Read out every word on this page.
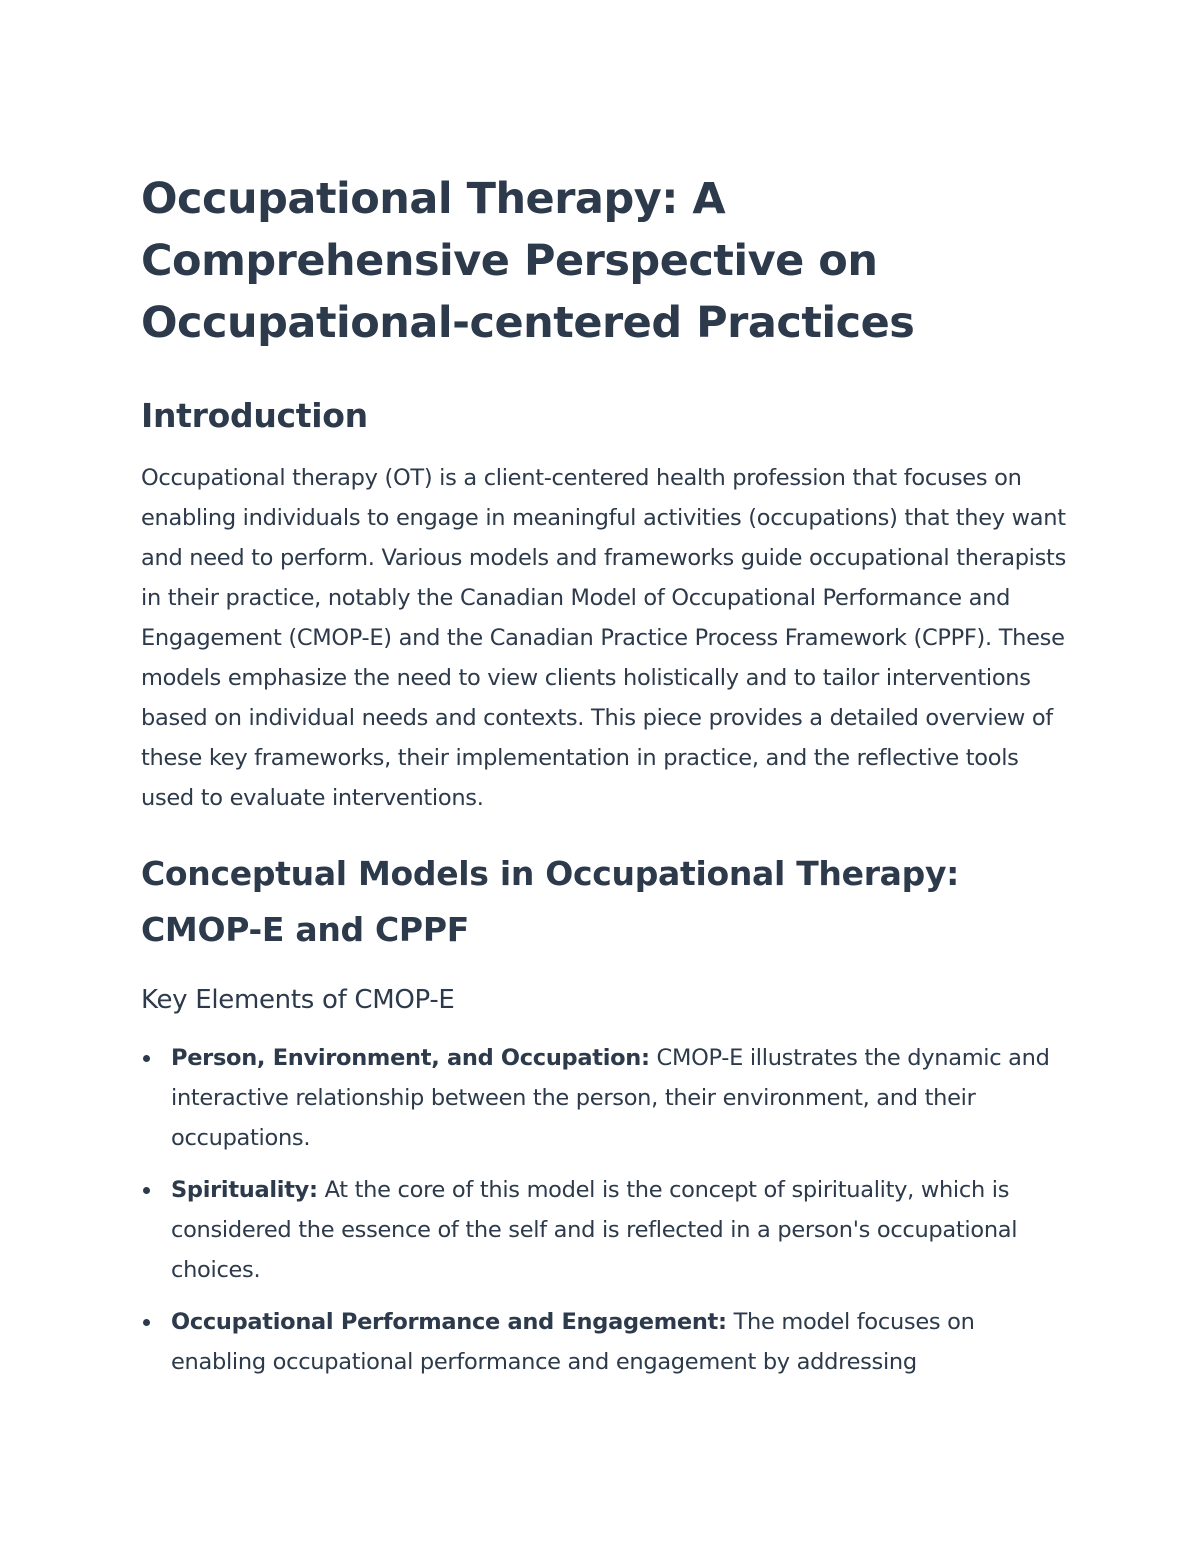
Occupational Therapy: A Comprehensive Perspective on Occupational-centered Practices
Introduction

Occupational therapy (OT) is a client-centered health profession that focuses on enabling individuals to engage in meaningful activities (occupations) that they want and need to perform. Various models and frameworks guide occupational therapists in their practice, notably the Canadian Model of Occupational Performance and Engagement (CMOP-E) and the Canadian Practice Process Framework (CPPF). These models emphasize the need to view clients holistically and to tailor interventions based on individual needs and contexts. This piece provides a detailed overview of these key frameworks, their implementation in practice, and the reflective tools used to evaluate interventions.

Conceptual Models in Occupational Therapy: CMOP-E and CPPF
Key Elements of CMOP-E
Person, Environment, and Occupation: CMOP-E illustrates the dynamic and interactive relationship between the person, their environment, and their occupations.
Spirituality: At the core of this model is the concept of spirituality, which is considered the essence of the self and is reflected in a person's occupational choices.
Occupational Performance and Engagement: The model focuses on enabling occupational performance and engagement by addressing
